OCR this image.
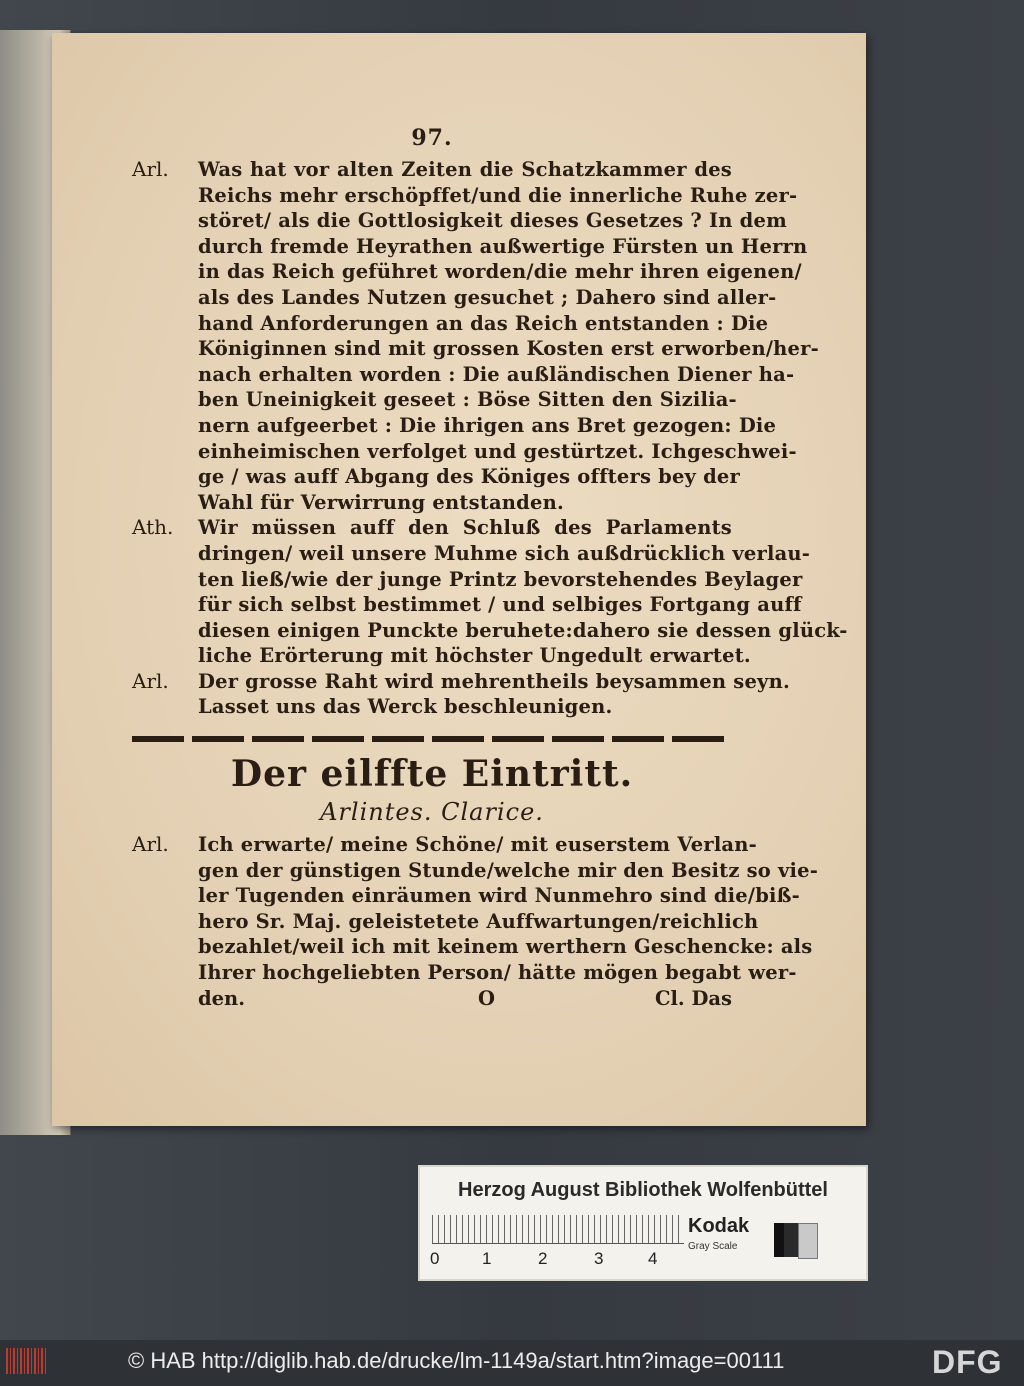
97.
Arl. Was hat vor alten Zeiten die Schatzkammer des
Reichs mehr erschöpffet/und die innerliche Ruhe zer-
störet/ als die Gottlosigkeit dieses Gesetzes ? In dem
durch fremde Heyrathen außwertige Fürsten un Herrn
in das Reich geführet worden/die mehr ihren eigenen/
als des Landes Nutzen gesuchet ; Dahero sind aller-
hand Anforderungen an das Reich entstanden : Die
Königinnen sind mit grossen Kosten erst erworben/her-
nach erhalten worden : Die außländischen Diener ha-
ben Uneinigkeit geseet : Böse Sitten den Sizilia-
nern aufgeerbet : Die ihrigen ans Bret gezogen: Die
einheimischen verfolget und gestürtzet. Ichgeschwei-
ge / was auff Abgang des Königes offters bey der
Wahl für Verwirrung entstanden.
Ath. Wir müssen auff den Schluß des Parlaments
dringen/ weil unsere Muhme sich außdrücklich verlau-
ten ließ/wie der junge Printz bevorstehendes Beylager
für sich selbst bestimmet / und selbiges Fortgang auff
diesen einigen Punckte beruhete:dahero sie dessen glück-
liche Erörterung mit höchster Ungedult erwartet.
Arl. Der grosse Raht wird mehrentheils beysammen seyn.
Lasset uns das Werck beschleunigen.
Der eilffte Eintritt.
Arlintes. Clarice.
Arl. Ich erwarte/ meine Schöne/ mit euserstem Verlan-
gen der günstigen Stunde/welche mir den Besitz so vie-
ler Tugenden einräumen wird Nunmehro sind die/biß-
hero Sr. Maj. geleistetete Auffwartungen/reichlich
bezahlet/weil ich mit keinem werthern Geschencke: als
Ihrer hochgeliebten Person/ hätte mögen begabt wer-
den.	O	Cl. Das
Herzog August Bibliothek Wolfenbüttel
0	1	2	3	4
Kodak
Gray Scale
© HAB http://diglib.hab.de/drucke/lm-1149a/start.htm?image=00111	DFG
